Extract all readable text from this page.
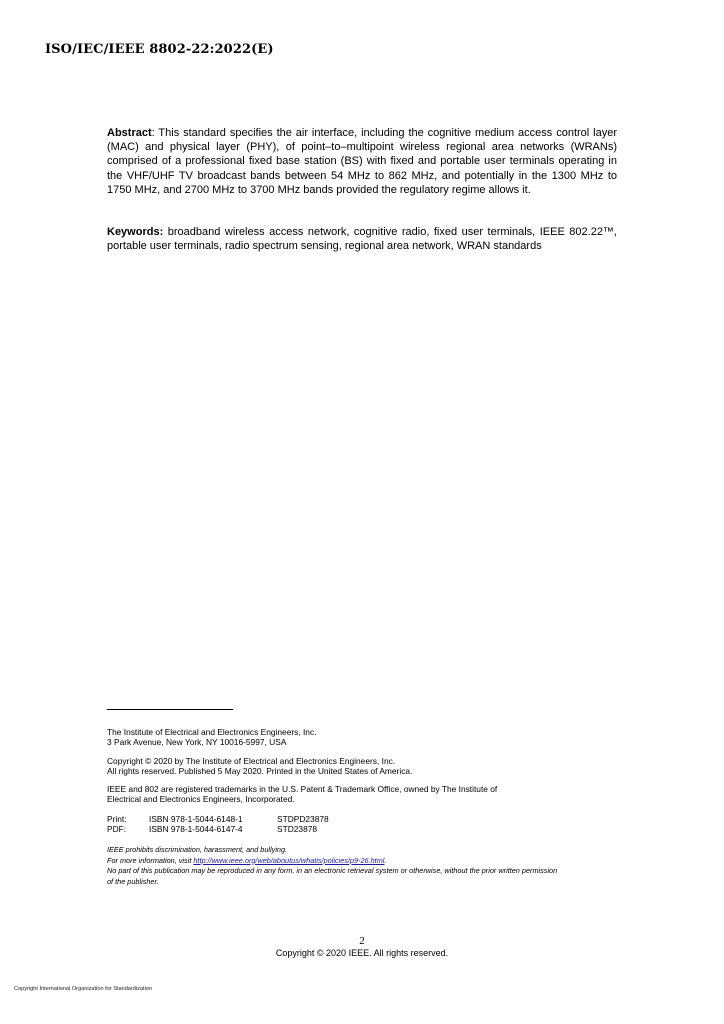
ISO/IEC/IEEE 8802-22:2022(E)

Abstract: This standard specifies the air interface, including the cognitive medium access control layer (MAC) and physical layer (PHY), of point–to–multipoint wireless regional area networks (WRANs) comprised of a professional fixed base station (BS) with fixed and portable user terminals operating in the VHF/UHF TV broadcast bands between 54 MHz to 862 MHz, and potentially in the 1300 MHz to 1750 MHz, and 2700 MHz to 3700 MHz bands provided the regulatory regime allows it.

Keywords: broadband wireless access network, cognitive radio, fixed user terminals, IEEE 802.22™, portable user terminals, radio spectrum sensing, regional area network, WRAN standards

The Institute of Electrical and Electronics Engineers, Inc.
3 Park Avenue, New York, NY 10016-5997, USA
Copyright © 2020 by The Institute of Electrical and Electronics Engineers, Inc.
All rights reserved. Published 5 May 2020. Printed in the United States of America.
IEEE and 802 are registered trademarks in the U.S. Patent & Trademark Office, owned by The Institute of
Electrical and Electronics Engineers, Incorporated.
Print:	ISBN 978-1-5044-6148-1	STDPD23878
PDF:	ISBN 978-1-5044-6147-4	STD23878
IEEE prohibits discrimination, harassment, and bullying.
For more information, visit http://www.ieee.org/web/aboutus/whatis/policies/p9-26.html.
No part of this publication may be reproduced in any form, in an electronic retrieval system or otherwise, without the prior written permission
of the publisher.
2
Copyright © 2020 IEEE. All rights reserved.
Copyright International Organization for Standardization
